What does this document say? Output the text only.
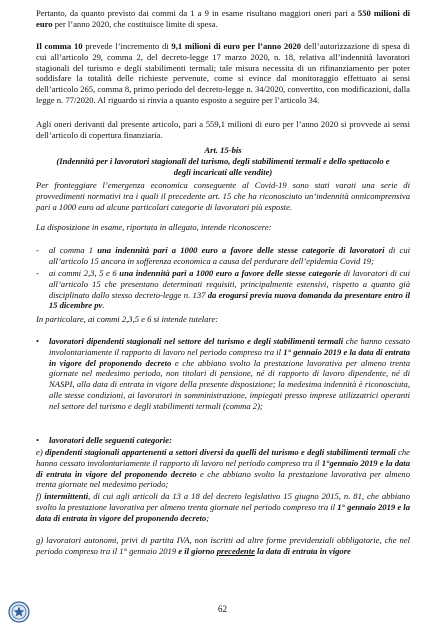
Pertanto, da quanto previsto dai commi da 1 a 9 in esame risultano maggiori oneri pari a 550 milioni di euro per l’anno 2020, che costituisce limite di spesa.
Il comma 10 prevede l’incremento di 9,1 milioni di euro per l’anno 2020 dell’autorizzazione di spesa di cui all’articolo 29, comma 2, del decreto-legge 17 marzo 2020, n. 18, relativa all’indennità lavoratori stagionali del turismo e degli stabilimenti termali; tale misura necessita di un rifinanziamento per poter soddisfare la totalità delle richieste pervenute, come si evince dal monitoraggio effettuato ai sensi dell’articolo 265, comma 8, primo periodo del decreto-legge n. 34/2020, convertito, con modificazioni, dalla legge n. 77/2020. Al riguardo si rinvia a quanto esposto a seguire per l’articolo 34.
Agli oneri derivanti dal presente articolo, pari a 559,1 milioni di euro per l’anno 2020 si provvede ai sensi dell’articolo di copertura finanziaria.
Art. 15-bis
(Indennità per i lavoratori stagionali del turismo, degli stabilimenti termali e dello spettacolo e degli incaricati alle vendite)
Per fronteggiare l’emergenza economica conseguente al Covid-19 sono stati varati una serie di provvedimenti normativi tra i quali il precedente art. 15 che ha riconosciuto un’indennità onnicomprensiva pari a 1000 euro ad alcune particolari categorie di lavoratori più esposte.
La disposizione in esame, riportata in allegato, intende riconoscere:
- al comma 1 una indennità pari a 1000 euro a favore delle stesse categorie di lavoratori di cui all’articolo 15 ancora in sofferenza economica a causa del perdurare dell’epidemia Covid 19;
- ai commi 2,3, 5 e 6 una indennità pari a 1000 euro a favore delle stesse categorie di lavoratori di cui all’articolo 15 che presentano determinati requisiti, principalmente estensivi, rispetto a quanto già disciplinato dallo stesso decreto-legge n. 137 da erogarsi previa nuova domanda da presentare entro il 15 dicembre pv.
In particolare, ai commi 2,3,5 e 6 si intende tutelare:
• lavoratori dipendenti stagionali nel settore del turismo e degli stabilimenti termali che hanno cessato involontariamente il rapporto di lavoro nel periodo compreso tra il 1° gennaio 2019 e la data di entrata in vigore del proponendo decreto e che abbiano svolto la prestazione lavorativa per almeno trenta giornate nel medesimo periodo, non titolari di pensione, né di rapporto di lavoro dipendente, né di NASPI, alla data di entrata in vigore della presente disposizione; la medesima indennità è riconosciuta, alle stesse condizioni, ai lavoratori in somministrazione, impiegati presso imprese utilizzatrici operanti nel settore del turismo e degli stabilimenti termali (comma 2);
• lavoratori delle seguenti categorie:
e) dipendenti stagionali appartenenti a settori diversi da quelli del turismo e degli stabilimenti termali che hanno cessato involontariamente il rapporto di lavoro nel periodo compreso tra il 1°gennaio 2019 e la data di entrata in vigore del proponendo decreto e che abbiano svolto la prestazione lavorativa per almeno trenta giornate nel medesimo periodo;
f) intermittenti, di cui agli articoli da 13 a 18 del decreto legislativo 15 giugno 2015, n. 81, che abbiano svolto la prestazione lavorativa per almeno trenta giornate nel periodo compreso tra il 1° gennaio 2019 e la data di entrata in vigore del proponendo decreto;
g) lavoratori autonomi, privi di partita IVA, non iscritti ad altre forme previdenziali obbligatorie, che nel periodo compreso tra il 1° gennaio 2019 e il giorno precedente la data di entrata in vigore
62
